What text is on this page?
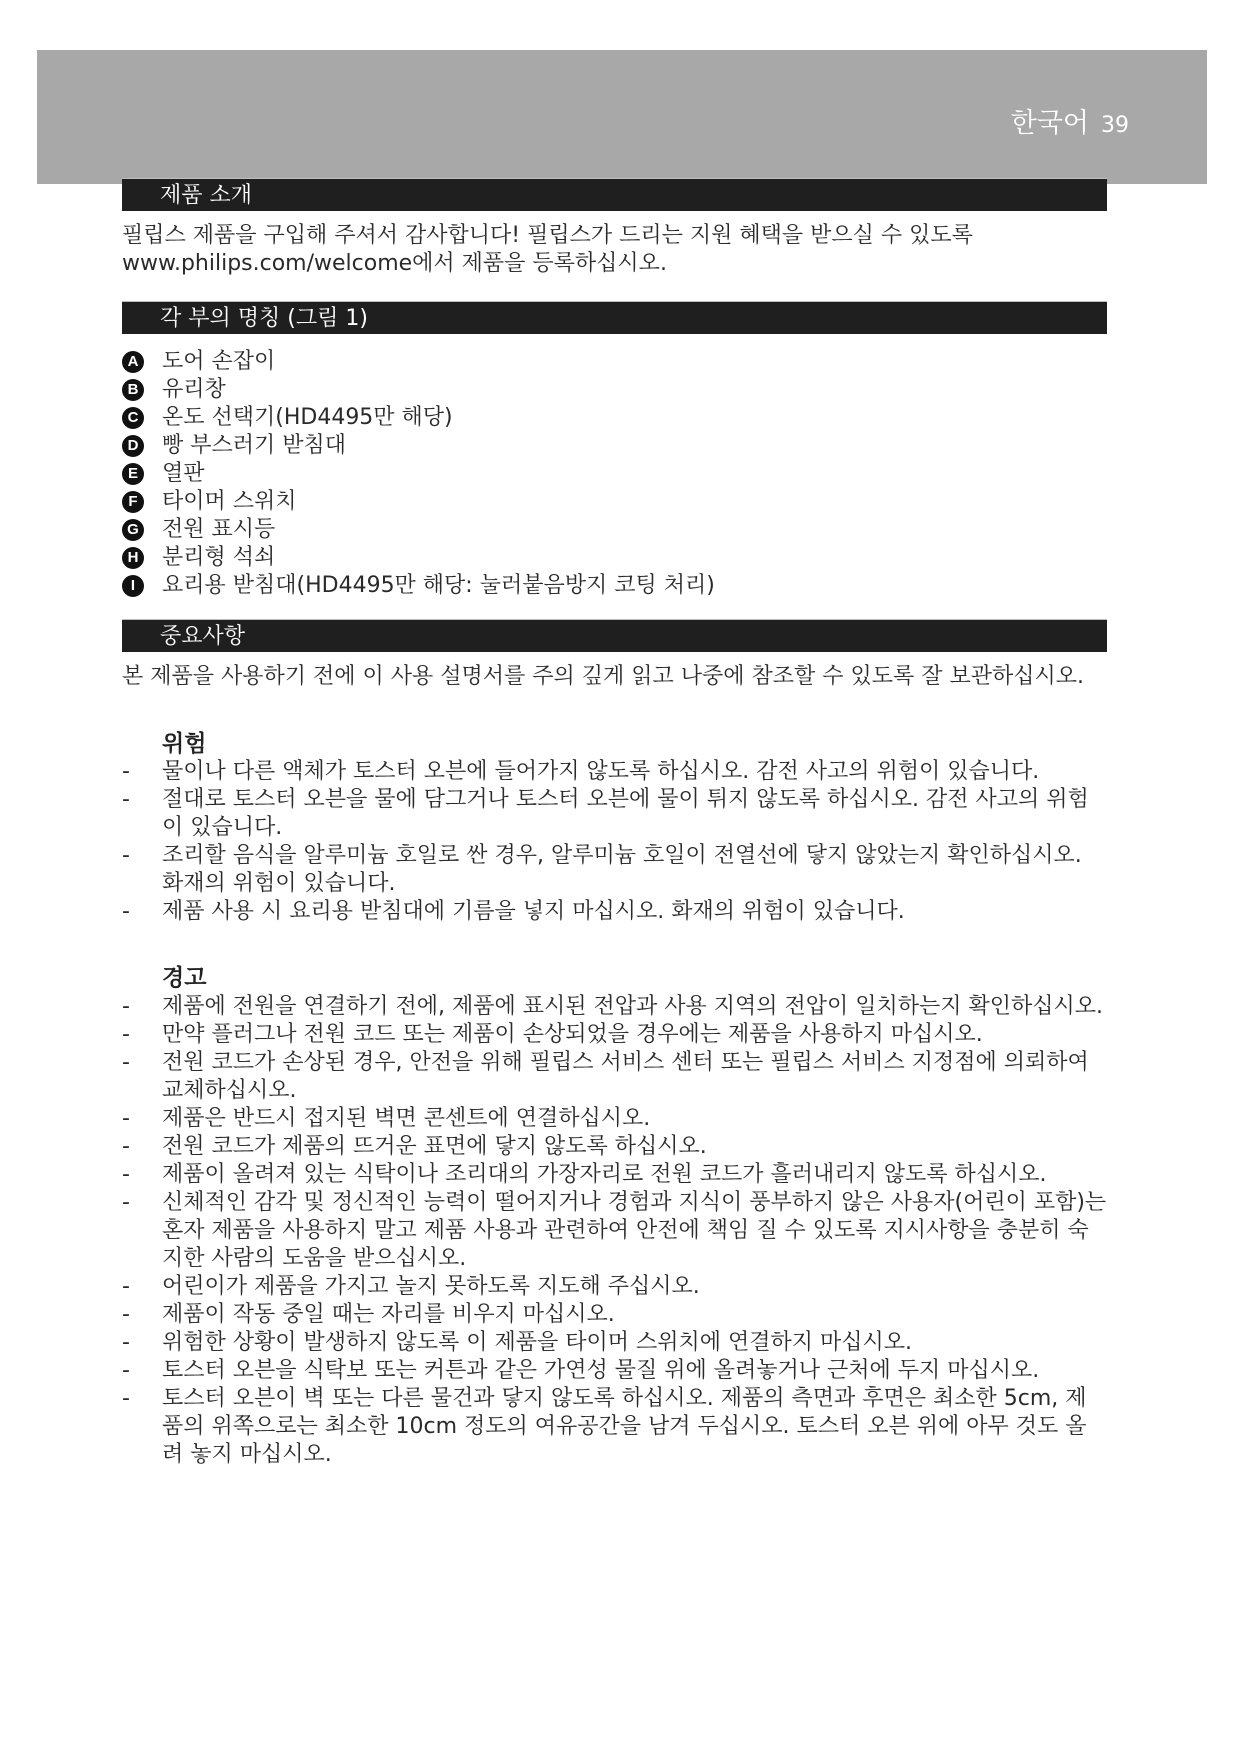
한국어
제품 소개

필립스 제품을 구입해 주셔서 감사합니다! 필립스가 드리는 지원 혜택을 받으실 수 있도록 www.philips.com/welcome에서 제품을 등록하십시오.

각 부의 명칭 (그림 1)
A 도어 손잡이
B 유리창
C 온도 선택기(HD4495만 해당)
D 빵 부스러기 받침대
E 열판
F 타이머 스위치
G 전원 표시등
H 분리형 석쇠
I	요리용 받침대(HD4495만 해당: 눌러붙음방지 코팅 처리)
중요사항

본 제품을 사용하기 전에 이 사용 설명서를 주의 깊게 읽고 나중에 참조할 수 있도록 잘 보관하십시오.

위험
-	물이나 다른 액체가 토스터 오븐에 들어가지 않도록 하십시오. 감전 사고의 위험이 있습니다.
-	절대로 토스터 오븐을 물에 담그거나 토스터 오븐에 물이 튀지 않도록 하십시오. 감전 사고의 위험이 있습니다.
-	조리할 음식을 알루미늄 호일로 싼 경우, 알루미늄 호일이 전열선에 닿지 않았는지 확인하십시오. 화재의 위험이 있습니다.
-	제품 사용 시 요리용 받침대에 기름을 넣지 마십시오. 화재의 위험이 있습니다.
경고
-	제품에 전원을 연결하기 전에, 제품에 표시된 전압과 사용 지역의 전압이 일치하는지 확인하십시오.
-	만약 플러그나 전원 코드 또는 제품이 손상되었을 경우에는 제품을 사용하지 마십시오.
-	전원 코드가 손상된 경우, 안전을 위해 필립스 서비스 센터 또는 필립스 서비스 지정점에 의뢰하여 교체하십시오.
-	제품은 반드시 접지된 벽면 콘센트에 연결하십시오.
-	전원 코드가 제품의 뜨거운 표면에 닿지 않도록 하십시오.
-	제품이 올려져 있는 식탁이나 조리대의 가장자리로 전원 코드가 흘러내리지 않도록 하십시오.
-	신체적인 감각 및 정신적인 능력이 떨어지거나 경험과 지식이 풍부하지 않은 사용자(어린이 포함)는 혼자 제품을 사용하지 말고 제품 사용과 관련하여 안전에 책임 질 수 있도록 지시사항을 충분히 숙지한 사람의 도움을 받으십시오.
-	어린이가 제품을 가지고 놀지 못하도록 지도해 주십시오.
-	제품이 작동 중일 때는 자리를 비우지 마십시오.
-	위험한 상황이 발생하지 않도록 이 제품을 타이머 스위치에 연결하지 마십시오.
-	토스터 오븐을 식탁보 또는 커튼과 같은 가연성 물질 위에 올려놓거나 근처에 두지 마십시오.
-	토스터 오븐이 벽 또는 다른 물건과 닿지 않도록 하십시오. 제품의 측면과 후면은 최소한 5cm, 제품의 위쪽으로는 최소한 10cm 정도의 여유공간을 남겨 두십시오. 토스터 오븐 위에 아무 것도 올려 놓지 마십시오.
